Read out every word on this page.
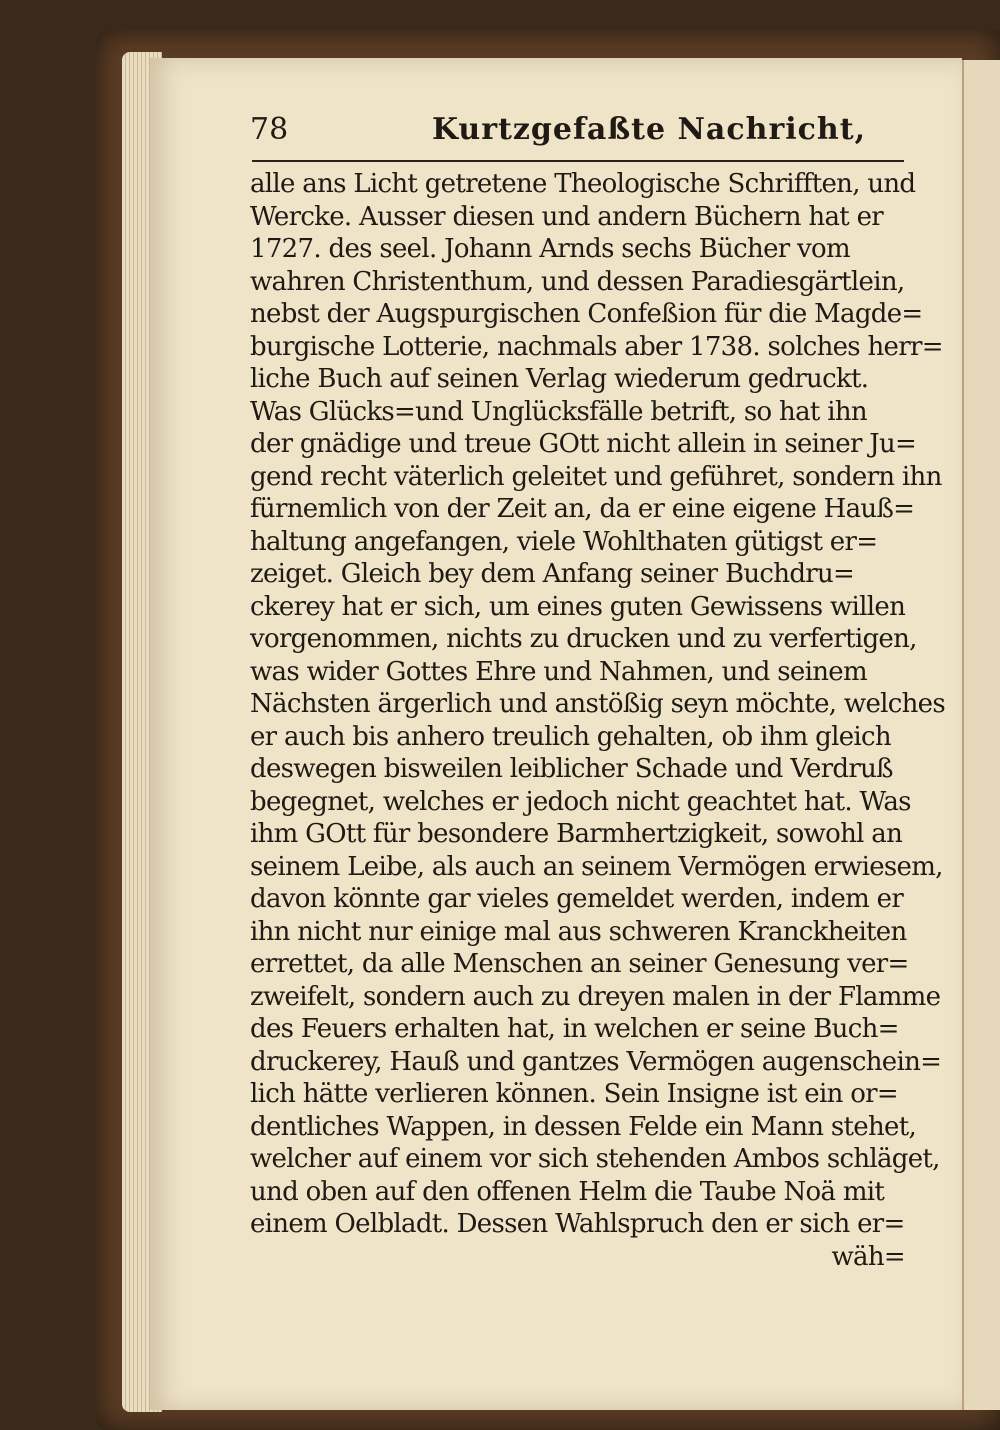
78	Kurtzgefaßte Nachricht,
alle ans Licht getretene Theologische Schrifften, und
Wercke. Ausser diesen und andern Büchern hat er
1727. des seel. Johann Arnds sechs Bücher vom
wahren Christenthum, und dessen Paradiesgärtlein,
nebst der Augspurgischen Confeßion für die Magde=
burgische Lotterie, nachmals aber 1738. solches herr=
liche Buch auf seinen Verlag wiederum gedruckt.
Was Glücks=und Unglücksfälle betrift, so hat ihn
der gnädige und treue GOtt nicht allein in seiner Ju=
gend recht väterlich geleitet und geführet, sondern ihn
fürnemlich von der Zeit an, da er eine eigene Hauß=
haltung angefangen, viele Wohlthaten gütigst er=
zeiget. Gleich bey dem Anfang seiner Buchdru=
ckerey hat er sich, um eines guten Gewissens willen
vorgenommen, nichts zu drucken und zu verfertigen,
was wider Gottes Ehre und Nahmen, und seinem
Nächsten ärgerlich und anstößig seyn möchte, welches
er auch bis anhero treulich gehalten, ob ihm gleich
deswegen bisweilen leiblicher Schade und Verdruß
begegnet, welches er jedoch nicht geachtet hat. Was
ihm GOtt für besondere Barmhertzigkeit, sowohl an
seinem Leibe, als auch an seinem Vermögen erwiesem,
davon könnte gar vieles gemeldet werden, indem er
ihn nicht nur einige mal aus schweren Kranckheiten
errettet, da alle Menschen an seiner Genesung ver=
zweifelt, sondern auch zu dreyen malen in der Flamme
des Feuers erhalten hat, in welchen er seine Buch=
druckerey, Hauß und gantzes Vermögen augenschein=
lich hätte verlieren können. Sein Insigne ist ein or=
dentliches Wappen, in dessen Felde ein Mann stehet,
welcher auf einem vor sich stehenden Ambos schläget,
und oben auf den offenen Helm die Taube Noä mit
einem Oelbladt. Dessen Wahlspruch den er sich er=
wäh=
